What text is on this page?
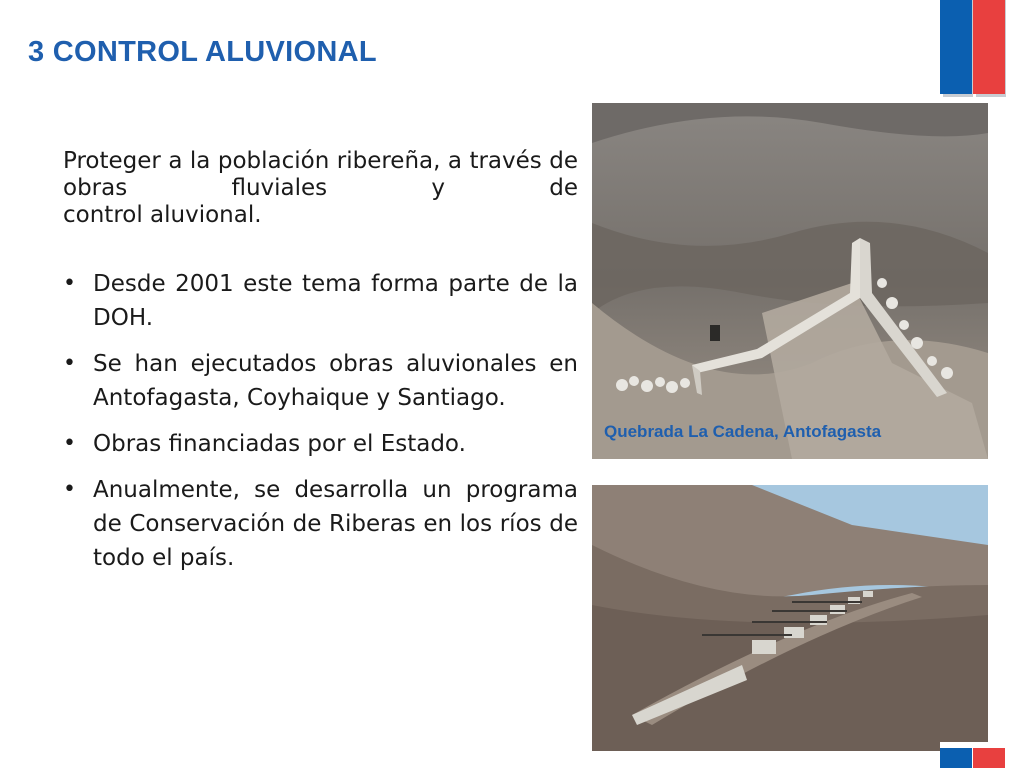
3 CONTROL ALUVIONAL

Proteger a la población ribereña, a través de obras fluviales y de
control aluvional.

• Desde 2001 este tema forma parte de la DOH.
• Se han ejecutados obras aluvionales en Antofagasta, Coyhaique y Santiago.
• Obras financiadas por el Estado.
• Anualmente, se desarrolla un programa de Conservación de Riberas en los ríos de todo el país.

Quebrada La Cadena, Antofagasta
